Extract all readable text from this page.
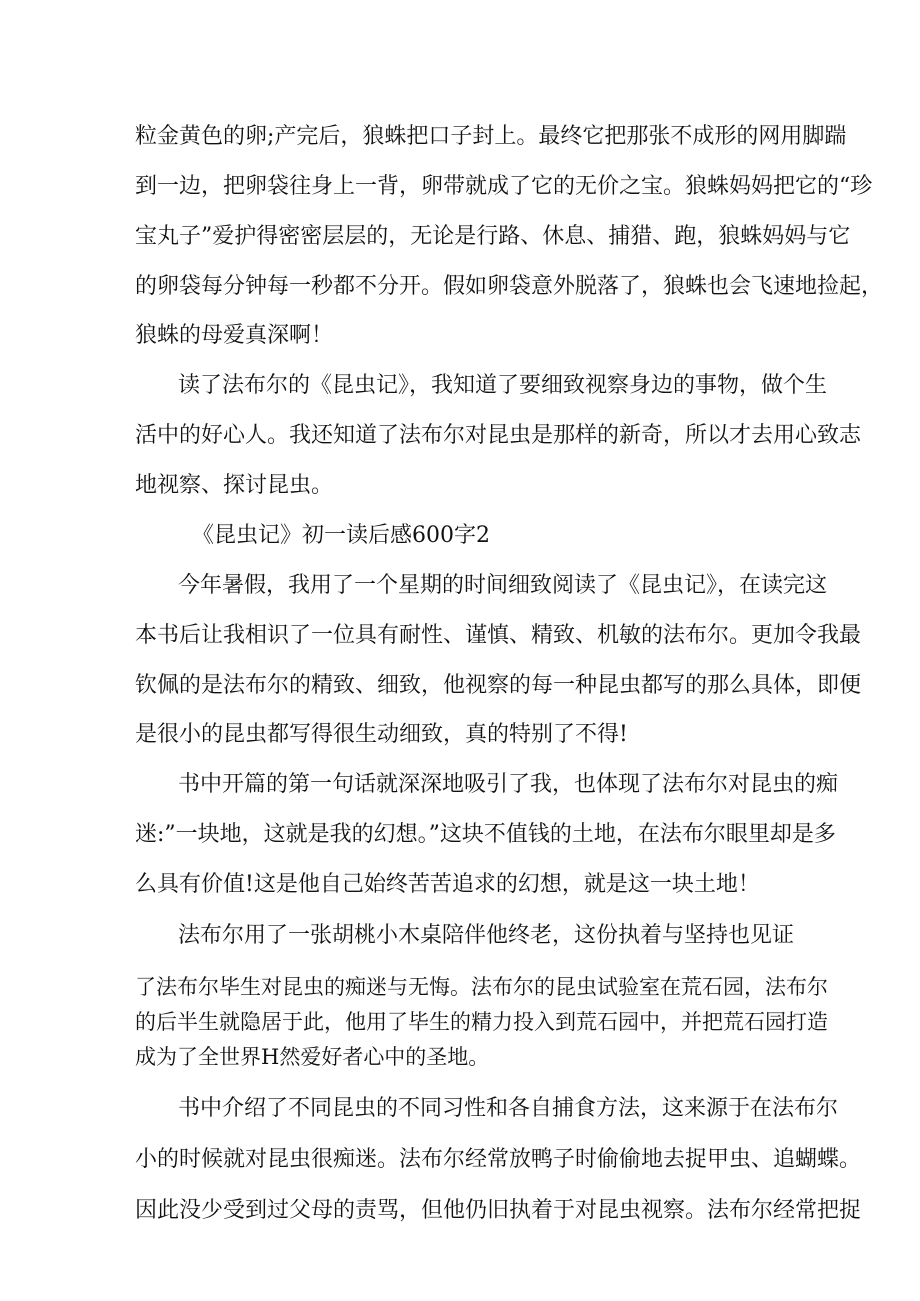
粒金黄色的卵;产完后，狼蛛把口子封上。最终它把那张不成形的网用脚踹
到一边，把卵袋往身上一背，卵带就成了它的无价之宝。狼蛛妈妈把它的“珍
宝丸子”爱护得密密层层的，无论是行路、休息、捕猎、跑，狼蛛妈妈与它
的卵袋每分钟每一秒都不分开。假如卵袋意外脱落了，狼蛛也会飞速地捡起，
狼蛛的母爱真深啊！
读了法布尔的《昆虫记》，我知道了要细致视察身边的事物，做个生
活中的好心人。我还知道了法布尔对昆虫是那样的新奇，所以才去用心致志
地视察、探讨昆虫。
《昆虫记》初一读后感600字2
今年暑假，我用了一个星期的时间细致阅读了《昆虫记》，在读完这
本书后让我相识了一位具有耐性、谨慎、精致、机敏的法布尔。更加令我最
钦佩的是法布尔的精致、细致，他视察的每一种昆虫都写的那么具体，即便
是很小的昆虫都写得很生动细致，真的特别了不得!
书中开篇的第一句话就深深地吸引了我，也体现了法布尔对昆虫的痴
迷:”一块地，这就是我的幻想。”这块不值钱的土地，在法布尔眼里却是多
么具有价值!这是他自己始终苦苦追求的幻想，就是这一块土地！
法布尔用了一张胡桃小木桌陪伴他终老，这份执着与坚持也见证
了法布尔毕生对昆虫的痴迷与无悔。法布尔的昆虫试验室在荒石园，法布尔
的后半生就隐居于此，他用了毕生的精力投入到荒石园中，并把荒石园打造
成为了全世界H然爱好者心中的圣地。
书中介绍了不同昆虫的不同习性和各自捕食方法，这来源于在法布尔
小的时候就对昆虫很痴迷。法布尔经常放鸭子时偷偷地去捉甲虫、追蝴蝶。
因此没少受到过父母的责骂，但他仍旧执着于对昆虫视察。法布尔经常把捉
